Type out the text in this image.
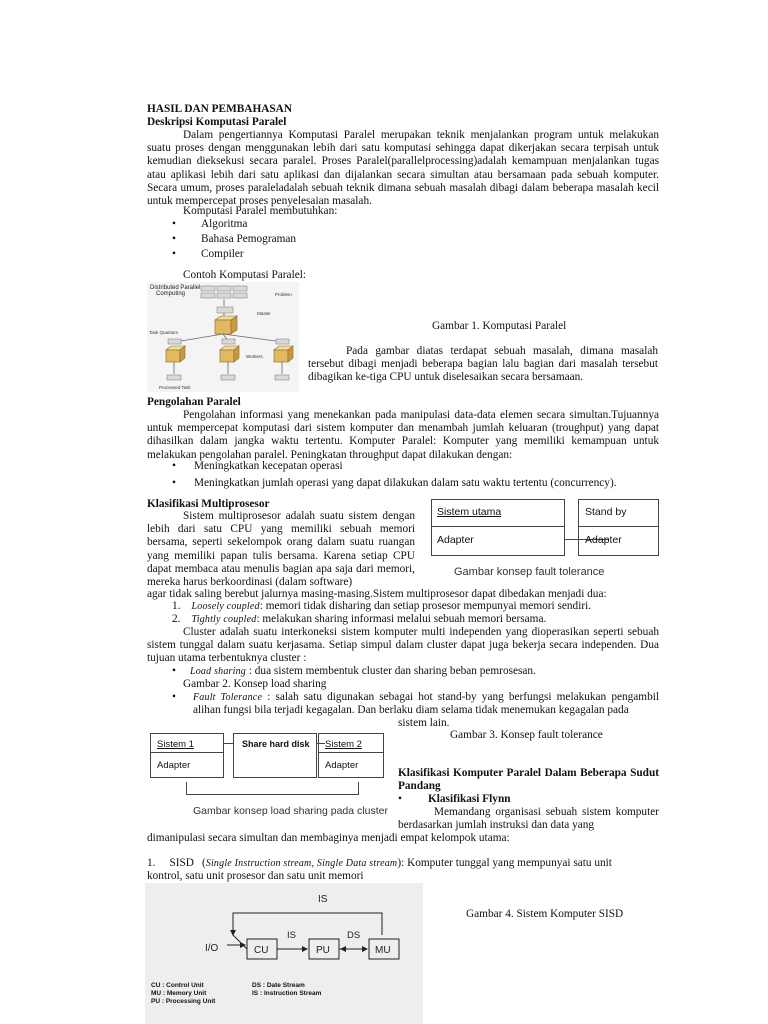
HASIL DAN PEMBAHASAN
Deskripsi Komputasi Paralel
Dalam pengertiannya Komputasi Paralel merupakan teknik menjalankan program untuk melakukan suatu proses dengan menggunakan lebih dari satu komputasi sehingga dapat dikerjakan secara terpisah untuk kemudian dieksekusi secara paralel. Proses Paralel(parallelprocessing)adalah kemampuan menjalankan tugas atau aplikasi lebih dari satu aplikasi dan dijalankan secara simultan atau bersamaan pada sebuah komputer. Secara umum, proses paraleladalah sebuah teknik dimana sebuah masalah dibagi dalam beberapa masalah kecil untuk mempercepat proses penyelesaian masalah.
Komputasi Paralel membutuhkan:
• Algoritma
• Bahasa Pemograman
• Compiler
Contoh Komputasi Paralel:
Distributed Parallel
Computing	Problem
Master
Task Quantum
Workers
Processed Task
Gambar 1. Komputasi Paralel
Pada gambar diatas terdapat sebuah masalah, dimana masalah tersebut dibagi menjadi beberapa bagian lalu bagian dari masalah tersebut dibagikan ke-tiga CPU untuk diselesaikan secara bersamaan.
Pengolahan Paralel
Pengolahan informasi yang menekankan pada manipulasi data-data elemen secara simultan.Tujuannya untuk mempercepat komputasi dari sistem komputer dan menambah jumlah keluaran (troughput) yang dapat dihasilkan dalam jangka waktu tertentu. Komputer Paralel: Komputer yang memiliki kemampuan untuk melakukan pengolahan paralel. Peningkatan throughput dapat dilakukan dengan:
• Meningkatkan kecepatan operasi
• Meningkatkan jumlah operasi yang dapat dilakukan dalam satu waktu tertentu (concurrency).
Klasifikasi Multiprosesor
Sistem multiprosesor adalah suatu sistem dengan lebih dari satu CPU yang memiliki sebuah memori bersama, seperti sekelompok orang dalam suatu ruangan yang memiliki papan tulis bersama. Karena setiap CPU dapat membaca atau menulis bagian apa saja dari memori, mereka harus berkoordinasi (dalam software)
Sistem utama
Adapter
Stand by
Adapter
Gambar konsep fault tolerance
agar tidak saling berebut jalurnya masing-masing.Sistem multiprosesor dapat dibedakan menjadi dua:
1. Loosely coupled: memori tidak disharing dan setiap prosesor mempunyai memori sendiri.
2. Tightly coupled: melakukan sharing informasi melalui sebuah memori bersama.
Cluster adalah suatu interkoneksi sistem komputer multi independen yang dioperasikan seperti sebuah sistem tunggal dalam suatu kerjasama. Setiap simpul dalam cluster dapat juga bekerja secara independen. Dua tujuan utama terbentuknya cluster :
• Load sharing : dua sistem membentuk cluster dan sharing beban pemrosesan.
Gambar 2. Konsep load sharing
• Fault Tolerance : salah satu digunakan sebagai hot stand-by yang berfungsi melakukan pengambil alihan fungsi bila terjadi kegagalan. Dan berlaku diam selama tidak menemukan kegagalan pada
sistem lain.
Gambar 3. Konsep fault tolerance
Sistem 1
Adapter
Share hard disk Sistem 2
Adapter
Gambar konsep load sharing pada cluster
Klasifikasi Komputer Paralel Dalam Beberapa Sudut Pandang
• Klasifikasi Flynn
Memandang organisasi sebuah sistem komputer berdasarkan jumlah instruksi dan data yang
dimanipulasi secara simultan dan membaginya menjadi empat kelompok utama:
1. SISD (Single Instruction stream, Single Data stream): Komputer tunggal yang mempunyai satu unit
kontrol, satu unit prosesor dan satu unit memori
IS
CU	PU	MU
IS	DS
I/O
CU : Control Unit
MU : Memory Unit
PU : Processing Unit
DS : Date Stream
IS : Instruction Stream
Gambar 4. Sistem Komputer SISD
